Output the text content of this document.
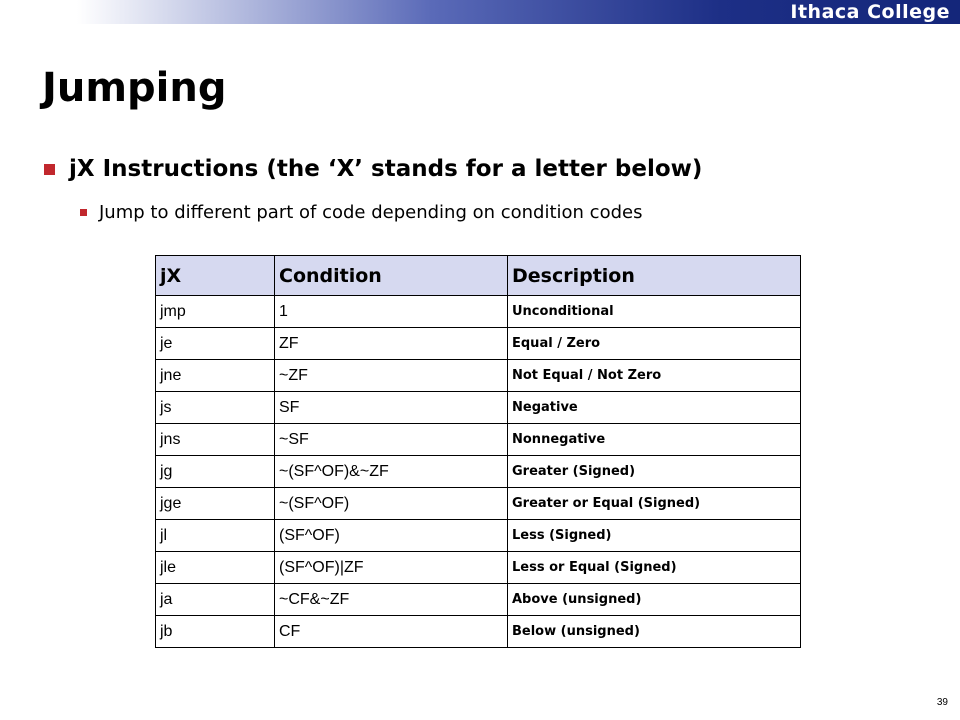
Ithaca College
Jumping
jX Instructions (the ‘X’ stands for a letter below)
Jump to different part of code depending on condition codes
jX	Condition	Description
jmp	1	Unconditional
je	ZF	Equal / Zero
jne	~ZF	Not Equal / Not Zero
js	SF	Negative
jns	~SF	Nonnegative
jg	~(SF^OF)&~ZF	Greater (Signed)
jge	~(SF^OF)	Greater or Equal (Signed)
jl	(SF^OF)	Less (Signed)
jle	(SF^OF)|ZF	Less or Equal (Signed)
ja	~CF&~ZF	Above (unsigned)
jb	CF	Below (unsigned)
39
